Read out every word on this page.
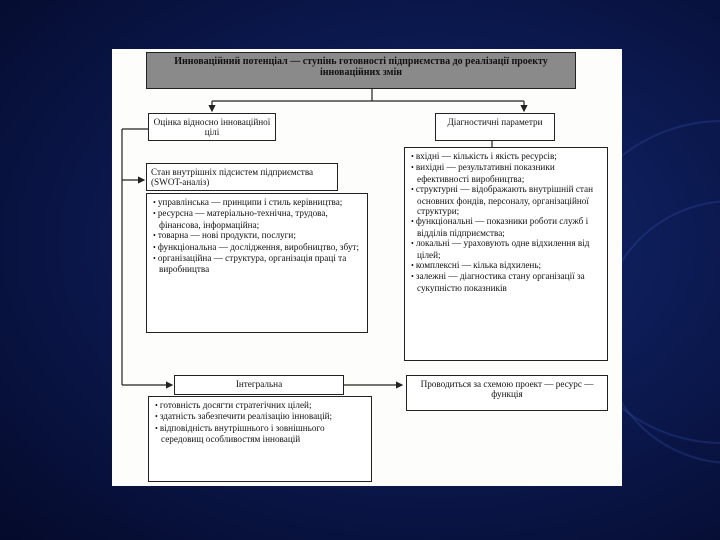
Инноваційний потенціал — ступінь готовності підприємства до реалізації проекту інноваційних змін
Оцінка відносно інноваційної цілі
Діагностичні параметри
Стан внутрішніх підсистем підприємства (SWOT-аналіз)
• управлінська — принципи і стиль керівництва;
• ресурсна — матеріально-технічна, трудова, фінансова, інформаційна;
• товарна — нові продукти, послуги;
• функціональна — дослідження, виробництво, збут;
• організаційна — структура, організація праці та виробництва
• вхідні — кількість і якість ресурсів;
• вихідні — результативні показники ефективності виробництва;
• структурні — відображають внутрішній стан основних фондів, персоналу, організаційної структури;
• функціональні — показники роботи служб і відділів підприємства;
• локальні — ураховують одне відхилення від цілей;
• комплексні — кілька відхилень;
• залежні — діагностика стану організації за сукупністю показників
Інтегральна
• готовність досягти стратегічних цілей;
• здатність забезпечити реалізацію інновацій;
• відповідність внутрішнього і зовнішнього середовищ особливостям інновацій
Проводиться за схемою проект — ресурс — функція
